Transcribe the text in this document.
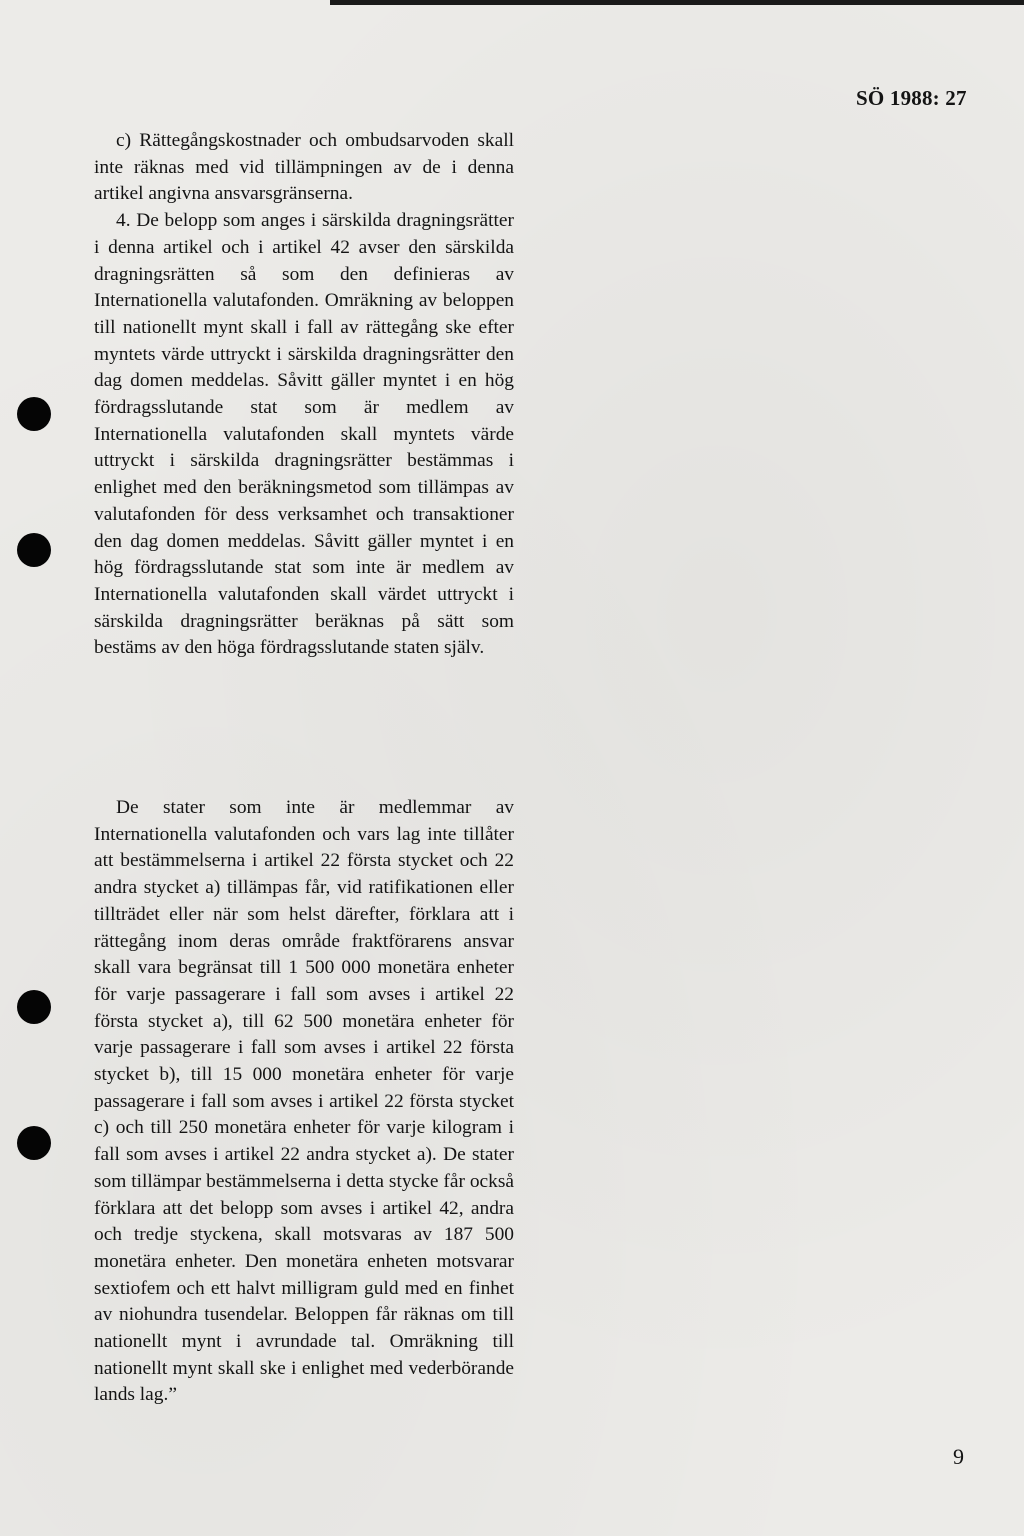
SÖ 1988: 27

c) Rättegångskostnader och ombudsarvoden skall inte räknas med vid tillämpningen av de i denna artikel angivna ansvarsgränserna.

4. De belopp som anges i särskilda dragningsrätter i denna artikel och i artikel 42 avser den särskilda dragningsrätten så som den definieras av Internationella valutafonden. Omräkning av beloppen till nationellt mynt skall i fall av rättegång ske efter myntets värde uttryckt i särskilda dragningsrätter den dag domen meddelas. Såvitt gäller myntet i en hög fördragsslutande stat som är medlem av Internationella valutafonden skall myntets värde uttryckt i särskilda dragningsrätter bestämmas i enlighet med den beräkningsmetod som tillämpas av valutafonden för dess verksamhet och transaktioner den dag domen meddelas. Såvitt gäller myntet i en hög fördragsslutande stat som inte är medlem av Internationella valutafonden skall värdet uttryckt i särskilda dragningsrätter beräknas på sätt som bestäms av den höga fördragsslutande staten själv.

De stater som inte är medlemmar av Internationella valutafonden och vars lag inte tillåter att bestämmelserna i artikel 22 första stycket och 22 andra stycket a) tillämpas får, vid ratifikationen eller tillträdet eller när som helst därefter, förklara att i rättegång inom deras område fraktförarens ansvar skall vara begränsat till 1 500 000 monetära enheter för varje passagerare i fall som avses i artikel 22 första stycket a), till 62 500 monetära enheter för varje passagerare i fall som avses i artikel 22 första stycket b), till 15 000 monetära enheter för varje passagerare i fall som avses i artikel 22 första stycket c) och till 250 monetära enheter för varje kilogram i fall som avses i artikel 22 andra stycket a). De stater som tillämpar bestämmelserna i detta stycke får också förklara att det belopp som avses i artikel 42, andra och tredje styckena, skall motsvaras av 187 500 monetära enheter. Den monetära enheten motsvarar sextiofem och ett halvt milligram guld med en finhet av niohundra tusendelar. Beloppen får räknas om till nationellt mynt i avrundade tal. Omräkning till nationellt mynt skall ske i enlighet med vederbörande lands lag.”

9
